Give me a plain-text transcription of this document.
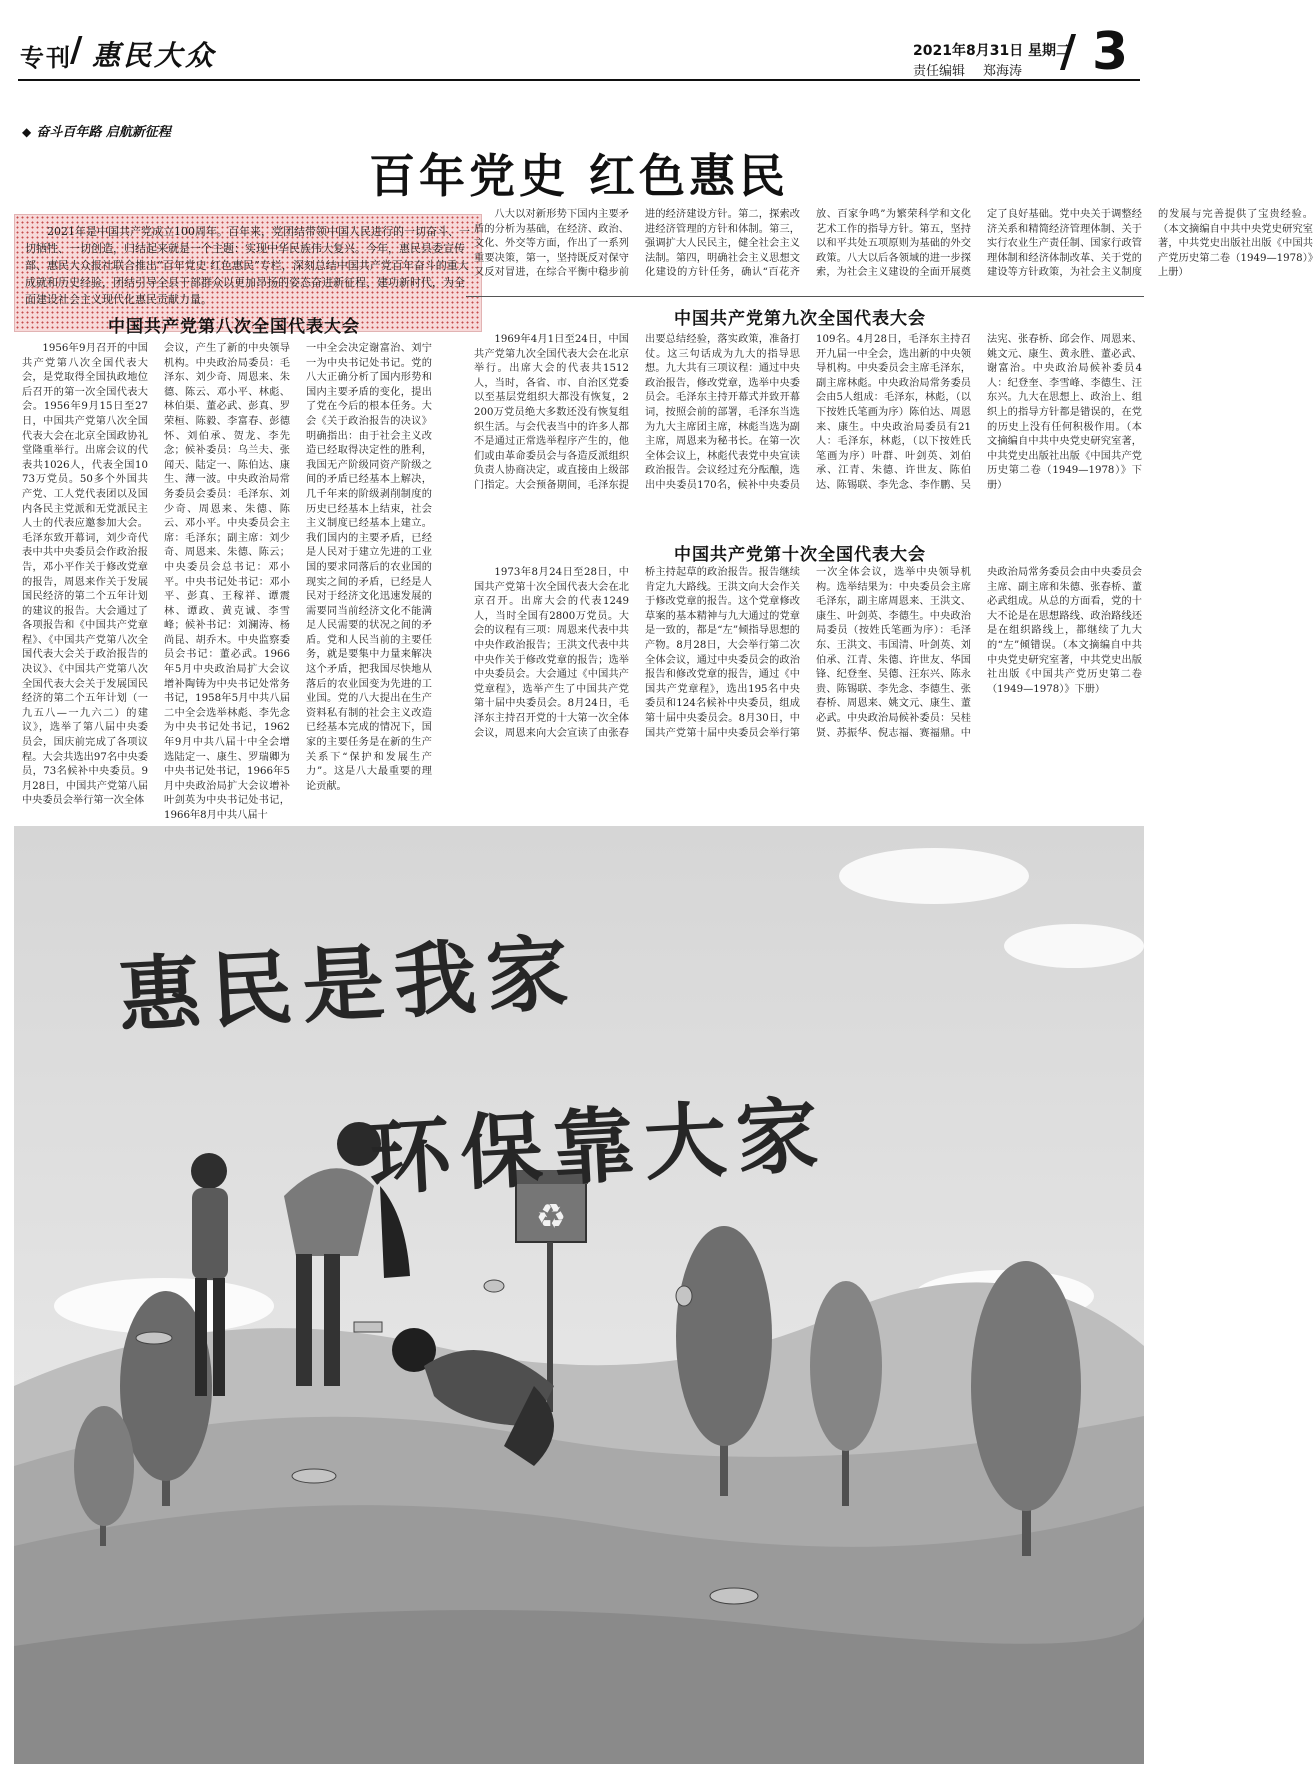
专刊
/ 惠民大众	2021年8月31日 星期二
责任编辑 郑海涛 / 3
◆ 奋斗百年路 启航新征程
百年党史 红色惠民
2021年是中国共产党成立100周年。百年来，党团结带领中国人民进行的一切奋斗、一切牺牲、一切创造，归结起来就是一个主题：实现中华民族伟大复兴。今年，惠民县委宣传部、惠民大众报社联合推出“百年党史 红色惠民”专栏，深刻总结中国共产党百年奋斗的重大成就和历史经验，团结引导全县干部群众以更加昂扬的姿态奋进新征程、建功新时代，为全面建设社会主义现代化惠民贡献力量。
中国共产党第八次全国代表大会
1956年9月召开的中国共产党第八次全国代表大会，是党取得全国执政地位后召开的第一次全国代表大会。1956年9月15日至27日，中国共产党第八次全国代表大会在北京全国政协礼堂隆重举行。出席会议的代表共1026人，代表全国1073万党员。50多个外国共产党、工人党代表团以及国内各民主党派和无党派民主人士的代表应邀参加大会。毛泽东致开幕词，刘少奇代表中共中央委员会作政治报告，邓小平作关于修改党章的报告，周恩来作关于发展国民经济的第二个五年计划的建议的报告。大会通过了各项报告和《中国共产党章程》、《中国共产党第八次全国代表大会关于政治报告的决议》、《中国共产党第八次全国代表大会关于发展国民经济的第二个五年计划（一九五八—一九六二）的建议》，选举了第八届中央委员会，国庆前完成了各项议程。大会共选出97名中央委员，73名候补中央委员。9月28日，中国共产党第八届中央委员会举行第一次全体
会议，产生了新的中央领导机构。中央政治局委员：毛泽东、刘少奇、周恩来、朱德、陈云、邓小平、林彪、林伯渠、董必武、彭真、罗荣桓、陈毅、李富春、彭德怀、刘伯承、贺龙、李先念；候补委员：乌兰夫、张闻天、陆定一、陈伯达、康生、薄一波。中央政治局常务委员会委员：毛泽东、刘少奇、周恩来、朱德、陈云、邓小平。中央委员会主席：毛泽东；副主席：刘少奇、周恩来、朱德、陈云；中央委员会总书记：邓小平。中央书记处书记：邓小平、彭真、王稼祥、谭震林、谭政、黄克诚、李雪峰；候补书记：刘澜涛、杨尚昆、胡乔木。中央监察委员会书记：董必武。1966年5月中央政治局扩大会议增补陶铸为中央书记处常务书记，1958年5月中共八届二中全会选举林彪、李先念为中央书记处书记，1962年9月中共八届十中全会增选陆定一、康生、罗瑞卿为中央书记处书记，1966年5月中央政治局扩大会议增补叶剑英为中央书记处书记，1966年8月中共八届十
一中全会决定谢富治、刘宁一为中央书记处书记。党的八大正确分析了国内形势和国内主要矛盾的变化，提出了党在今后的根本任务。大会《关于政治报告的决议》明确指出：由于社会主义改造已经取得决定性的胜利，我国无产阶级同资产阶级之间的矛盾已经基本上解决，几千年来的阶级剥削制度的历史已经基本上结束，社会主义制度已经基本上建立。我们国内的主要矛盾，已经是人民对于建立先进的工业国的要求同落后的农业国的现实之间的矛盾，已经是人民对于经济文化迅速发展的需要同当前经济文化不能满足人民需要的状况之间的矛盾。党和人民当前的主要任务，就是要集中力量来解决这个矛盾，把我国尽快地从落后的农业国变为先进的工业国。党的八大提出在生产资料私有制的社会主义改造已经基本完成的情况下，国家的主要任务是在新的生产关系下“保护和发展生产力”。这是八大最重要的理论贡献。
八大以对新形势下国内主要矛盾的分析为基础，在经济、政治、文化、外交等方面，作出了一系列重要决策，第一，坚持既反对保守又反对冒进，在综合平衡中稳步前进的经济建设方针。第二，探索改进经济管理的方针和体制。第三，强调扩大人民民主，健全社会主义法制。第四，明确社会主义思想文化建设的方针任务，确认“百花齐放、百家争鸣”为繁荣科学和文化艺术工作的指导方针。第五，坚持以和平共处五项原则为基础的外交政策。八大以后各领域的进一步探索，为社会主义建设的全面开展奠定了良好基础。党中央关于调整经济关系和精简经济管理体制、关于实行农业生产责任制、国家行政管理体制和经济体制改革、关于党的建设等方针政策，为社会主义制度的发展与完善提供了宝贵经验。（本文摘编自中共中央党史研究室著，中共党史出版社出版《中国共产党历史第二卷（1949—1978）》上册）
中国共产党第九次全国代表大会
1969年4月1日至24日，中国共产党第九次全国代表大会在北京举行。出席大会的代表共1512人，当时，各省、市、自治区党委以至基层党组织大都没有恢复，2200万党员绝大多数还没有恢复组织生活。与会代表当中的许多人都不是通过正常选举程序产生的，他们或由革命委员会与各造反派组织负责人协商决定，或直接由上级部门指定。大会预备期间，毛泽东提出要总结经验，落实政策，准备打仗。这三句话成为九大的指导思想。九大共有三项议程：通过中央政治报告，修改党章，选举中央委员会。毛泽东主持开幕式并致开幕词，按照会前的部署，毛泽东当选为九大主席团主席，林彪当选为副主席，周恩来为秘书长。在第一次全体会议上，林彪代表党中央宣读政治报告。会议经过充分酝酿，选出中央委员170名，候补中央委员109名。4月28日，毛泽东主持召开九届一中全会，选出新的中央领导机构。中央委员会主席毛泽东，副主席林彪。中央政治局常务委员会由5人组成：毛泽东，林彪，（以下按姓氏笔画为序）陈伯达、周恩来、康生。中央政治局委员有21人：毛泽东，林彪，（以下按姓氏笔画为序）叶群、叶剑英、刘伯承、江青、朱德、许世友、陈伯达、陈锡联、李先念、李作鹏、吴法宪、张春桥、邱会作、周恩来、姚文元、康生、黄永胜、董必武、谢富治。中央政治局候补委员4人：纪登奎、李雪峰、李德生、汪东兴。九大在思想上、政治上、组织上的指导方针都是错误的，在党的历史上没有任何积极作用。（本文摘编自中共中央党史研究室著，中共党史出版社出版《中国共产党历史第二卷（1949—1978）》下册）
中国共产党第十次全国代表大会
1973年8月24日至28日，中国共产党第十次全国代表大会在北京召开。出席大会的代表1249人，当时全国有2800万党员。大会的议程有三项：周恩来代表中共中央作政治报告；王洪文代表中共中央作关于修改党章的报告；选举中央委员会。大会通过《中国共产党章程》，选举产生了中国共产党第十届中央委员会。8月24日，毛泽东主持召开党的十大第一次全体会议，周恩来向大会宣读了由张春桥主持起草的政治报告。报告继续肯定九大路线。王洪文向大会作关于修改党章的报告。这个党章修改草案的基本精神与九大通过的党章是一致的，都是“左”倾指导思想的产物。8月28日，大会举行第二次全体会议，通过中央委员会的政治报告和修改党章的报告，通过《中国共产党章程》，选出195名中央委员和124名候补中央委员，组成第十届中央委员会。8月30日，中国共产党第十届中央委员会举行第一次全体会议，选举中央领导机构。选举结果为：中央委员会主席毛泽东，副主席周恩来、王洪文、康生、叶剑英、李德生。中央政治局委员（按姓氏笔画为序）：毛泽东、王洪文、韦国清、叶剑英、刘伯承、江青、朱德、许世友、华国锋、纪登奎、吴德、汪东兴、陈永贵、陈锡联、李先念、李德生、张春桥、周恩来、姚文元、康生、董必武。中央政治局候补委员：吴桂贤、苏振华、倪志福、赛福鼎。中央政治局常务委员会由中央委员会主席、副主席和朱德、张春桥、董必武组成。从总的方面看，党的十大不论是在思想路线、政治路线还是在组织路线上，都继续了九大的“左”倾错误。（本文摘编自中共中央党史研究室著，中共党史出版社出版《中国共产党历史第二卷（1949—1978）》下册）
♻
惠民是我家
环保靠大家
